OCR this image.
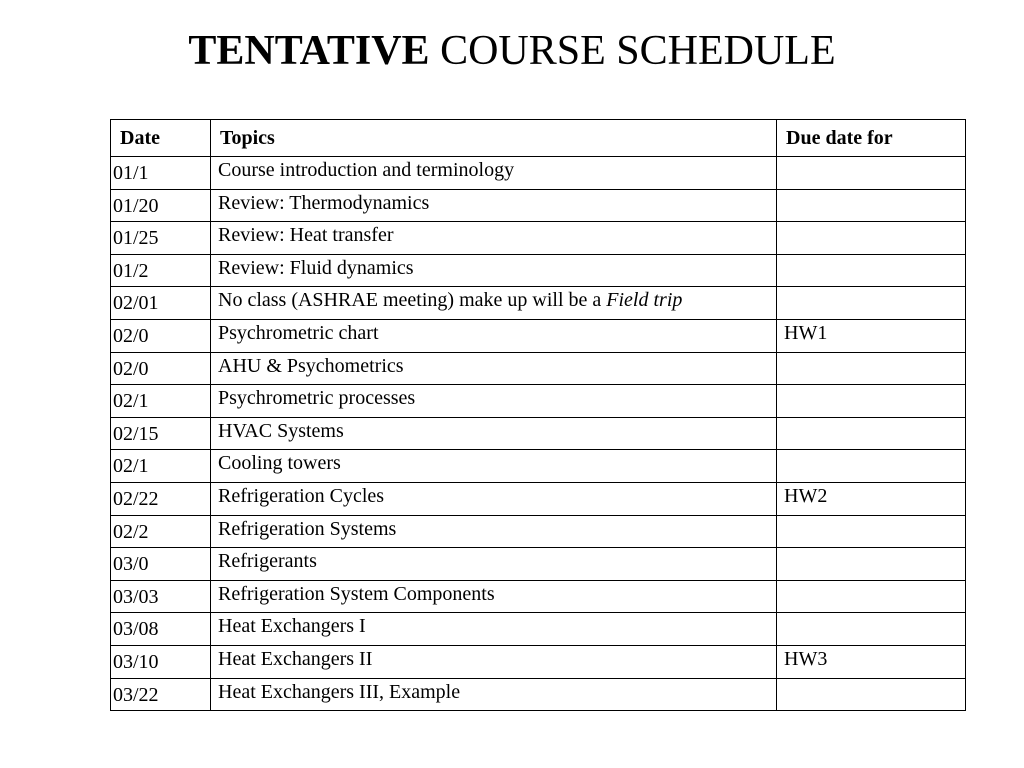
TENTATIVE COURSE SCHEDULE
Date	Topics	Due date for
01/1	Course introduction and terminology	
01/20	Review: Thermodynamics	
01/25	Review: Heat transfer	
01/2	Review: Fluid dynamics	
02/01	No class (ASHRAE meeting) make up will be a Field trip	
02/0	Psychrometric chart	HW1
02/0	AHU & Psychometrics	
02/1	Psychrometric processes	
02/15	HVAC Systems	
02/1	Cooling towers	
02/22	Refrigeration Cycles	HW2
02/2	Refrigeration Systems	
03/0	Refrigerants	
03/03	Refrigeration System Components	
03/08	Heat Exchangers I	
03/10	Heat Exchangers II	HW3
03/22	Heat Exchangers III, Example	
